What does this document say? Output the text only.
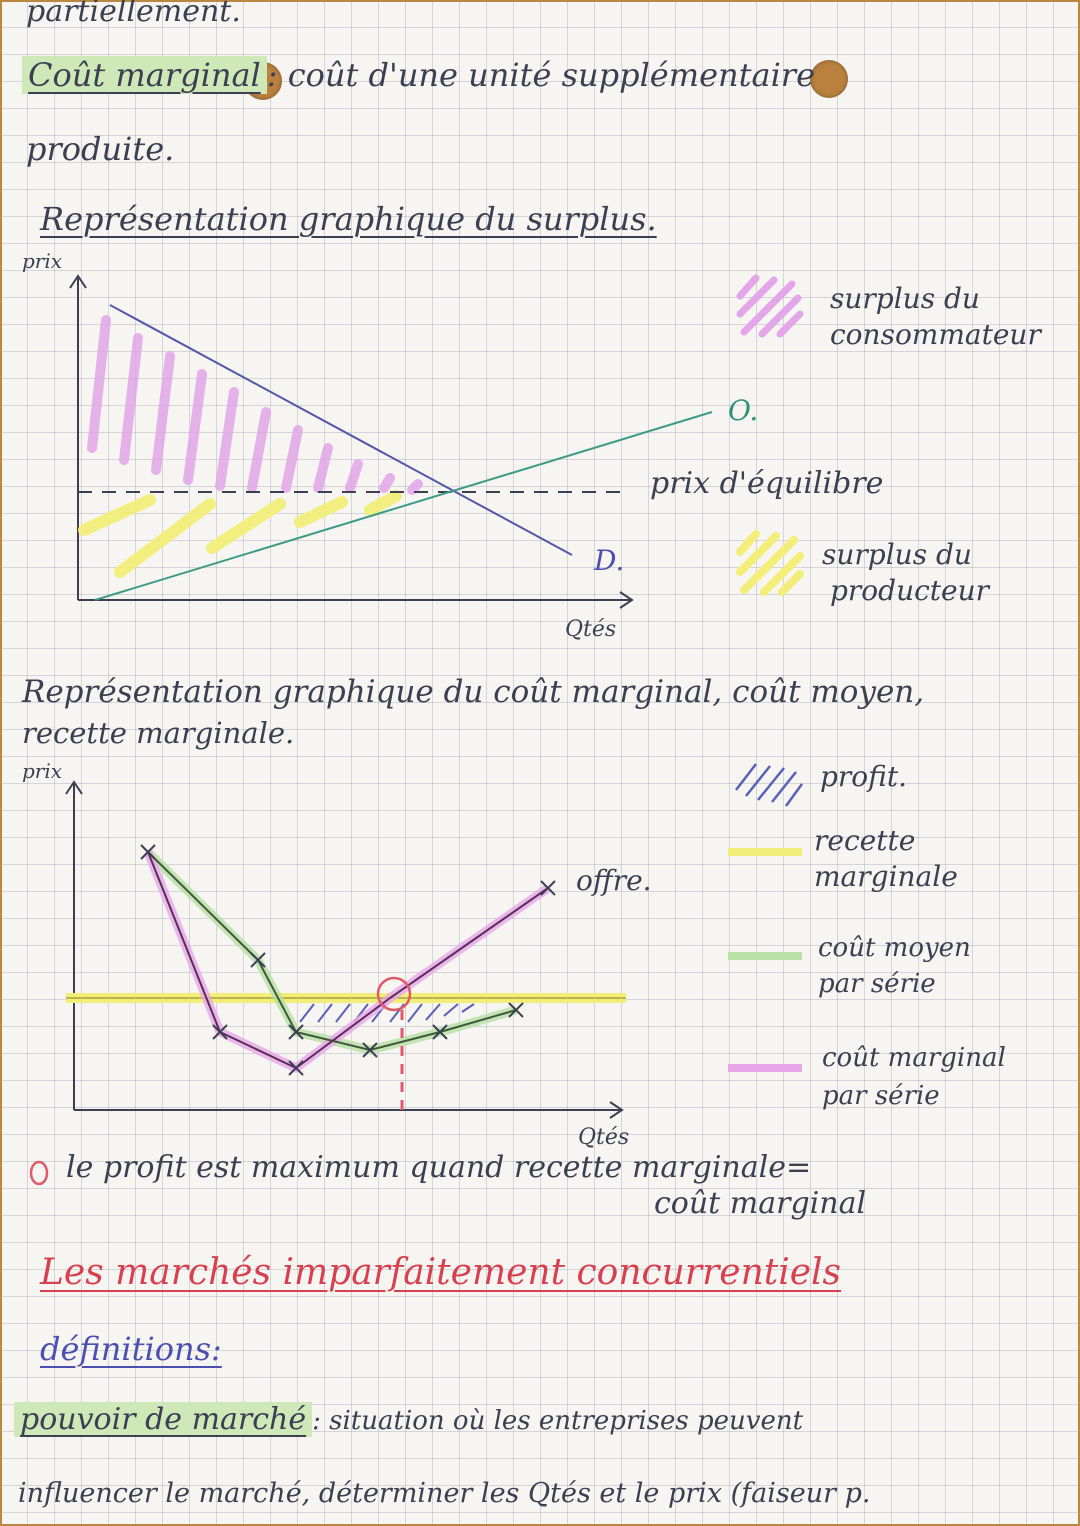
partiellement.
Coût marginal : coût d'une unité supplémentaire
produite.
Représentation graphique du surplus.
prix
Qtés
O.
D.
prix d'équilibre
surplus du
consommateur
surplus du
producteur
Représentation graphique du coût marginal, coût moyen,
recette marginale.
prix
Qtés
offre.
profit.
recette
marginale
coût moyen
par série
coût marginal
par série
le profit est maximum quand recette marginale=
coût marginal
Les marchés imparfaitement concurrentiels
définitions:
pouvoir de marché : situation où les entreprises peuvent
influencer le marché, déterminer les Qtés et le prix (faiseur p.
